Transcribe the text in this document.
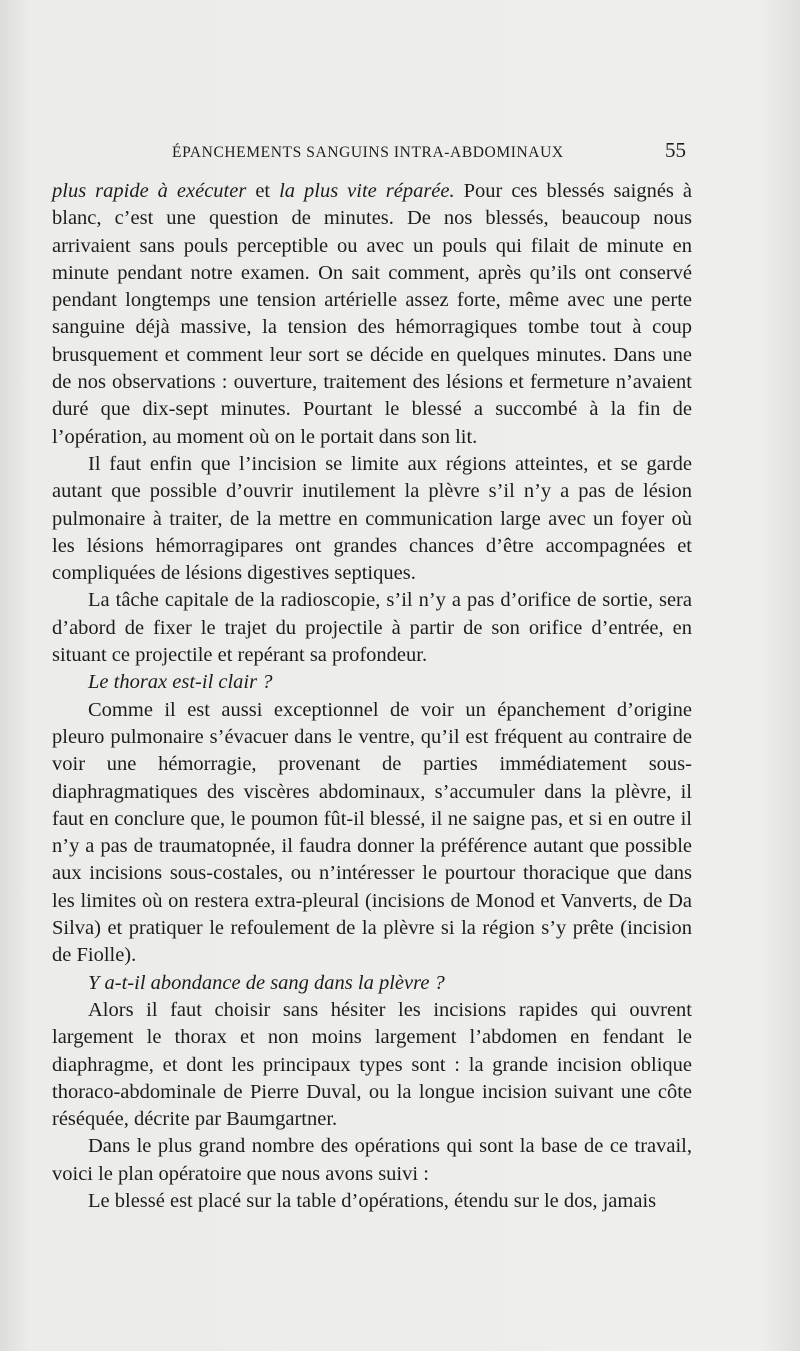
ÉPANCHEMENTS SANGUINS INTRA-ABDOMINAUX	55

plus rapide à exécuter et la plus vite réparée. Pour ces blessés saignés à blanc, c’est une question de minutes. De nos blessés, beaucoup nous arrivaient sans pouls perceptible ou avec un pouls qui filait de minute en minute pendant notre examen. On sait comment, après qu’ils ont conservé pendant longtemps une tension artérielle assez forte, même avec une perte sanguine déjà massive, la tension des hémorragiques tombe tout à coup brusquement et comment leur sort se décide en quelques minutes. Dans une de nos observations : ouverture, traitement des lésions et fermeture n’avaient duré que dix-sept minutes. Pourtant le blessé a succombé à la fin de l’opération, au moment où on le portait dans son lit.

Il faut enfin que l’incision se limite aux régions atteintes, et se garde autant que possible d’ouvrir inutilement la plèvre s’il n’y a pas de lésion pulmonaire à traiter, de la mettre en communication large avec un foyer où les lésions hémorragipares ont grandes chances d’être accompagnées et compliquées de lésions digestives septiques.

La tâche capitale de la radioscopie, s’il n’y a pas d’orifice de sortie, sera d’abord de fixer le trajet du projectile à partir de son orifice d’entrée, en situant ce projectile et repérant sa profondeur.

Le thorax est-il clair ?

Comme il est aussi exceptionnel de voir un épanchement d’origine pleuro pulmonaire s’évacuer dans le ventre, qu’il est fréquent au contraire de voir une hémorragie, provenant de parties immédiatement sous-diaphragmatiques des viscères abdominaux, s’accumuler dans la plèvre, il faut en conclure que, le poumon fût-il blessé, il ne saigne pas, et si en outre il n’y a pas de traumatopnée, il faudra donner la préférence autant que possible aux incisions sous-costales, ou n’intéresser le pourtour thoracique que dans les limites où on restera extra-pleural (incisions de Monod et Vanverts, de Da Silva) et pratiquer le refoulement de la plèvre si la région s’y prête (incision de Fiolle).

Y a-t-il abondance de sang dans la plèvre ?

Alors il faut choisir sans hésiter les incisions rapides qui ouvrent largement le thorax et non moins largement l’abdomen en fendant le diaphragme, et dont les principaux types sont : la grande incision oblique thoraco-abdominale de Pierre Duval, ou la longue incision suivant une côte réséquée, décrite par Baumgartner.

Dans le plus grand nombre des opérations qui sont la base de ce travail, voici le plan opératoire que nous avons suivi :

Le blessé est placé sur la table d’opérations, étendu sur le dos, jamais
